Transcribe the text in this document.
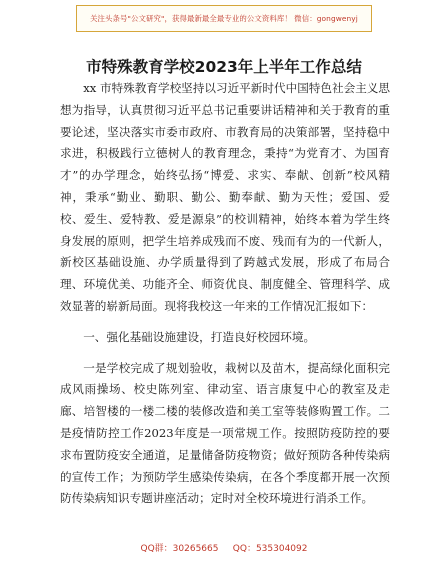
关注头条号"公文研究"，获得最新最全最专业的公文资料库！ 微信：gongwenyj
市特殊教育学校2023年上半年工作总结

xx 市特殊教育学校坚持以习近平新时代中国特色社会主义思想为指导，认真贯彻习近平总书记重要讲话精神和关于教育的重要论述，坚决落实市委市政府、市教育局的决策部署，坚持稳中求进，积极践行立德树人的教育理念，秉持“为党育才、为国育才”的办学理念，始终弘扬“博爱、求实、奉献、创新”校风精神，秉承“勤业、勤职、勤公、勤奉献、勤为天性；爱国、爱校、爱生、爱特教、爱是源泉”的校训精神，始终本着为学生终身发展的原则，把学生培养成残而不废、残而有为的一代新人，新校区基础设施、办学质量得到了跨越式发展，形成了布局合理、环境优美、功能齐全、师资优良、制度健全、管理科学、成效显著的崭新局面。现将我校这一年来的工作情况汇报如下：

一、强化基础设施建设，打造良好校园环境。

一是学校完成了规划验收，栽树以及苗木，提高绿化面积完成风雨操场、校史陈列室、律动室、语言康复中心的教室及走廊、培智楼的一楼二楼的装修改造和美工室等装修购置工作。二是疫情防控工作2023年度是一项常规工作。按照防疫防控的要求布置防疫安全通道，足量储备防疫物资；做好预防各种传染病的宣传工作；为预防学生感染传染病，在各个季度都开展一次预防传染病知识专题讲座活动；定时对全校环境进行消杀工作。

QQ群：30265665     QQ：535304092
